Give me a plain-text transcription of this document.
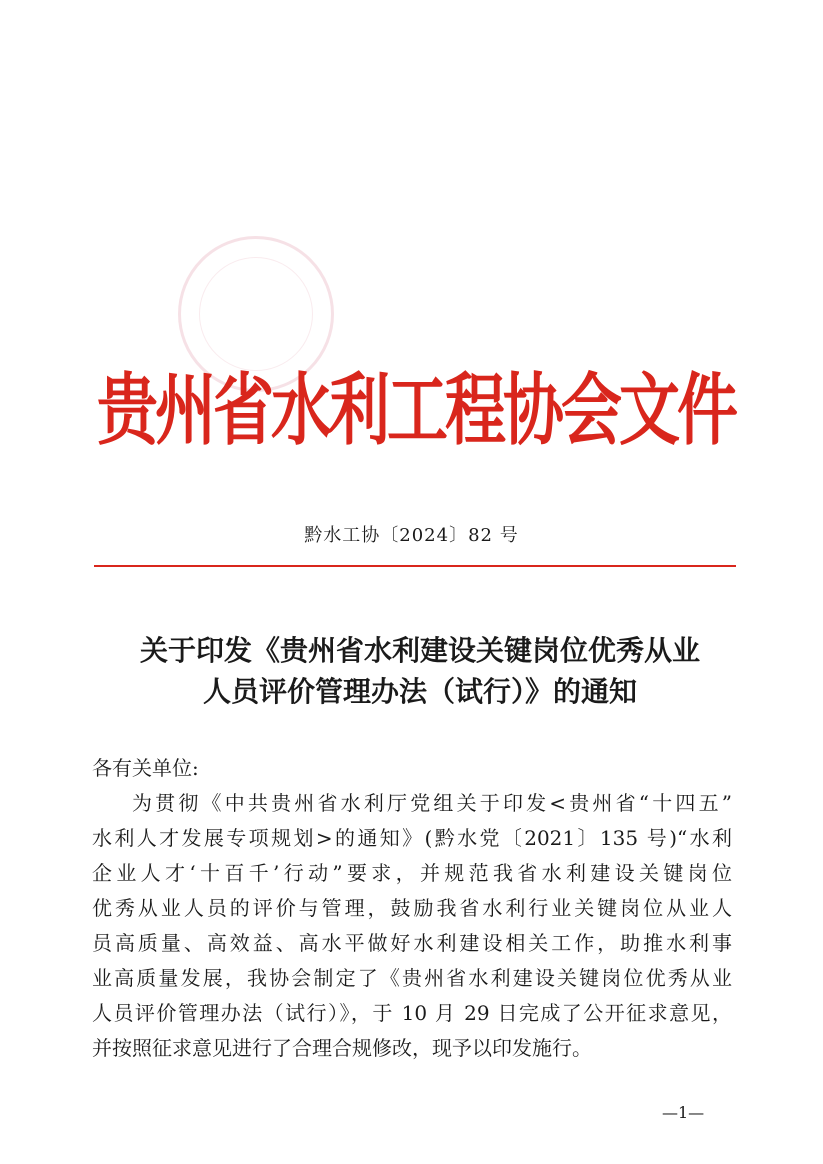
贵州省水利工程协会文件
黔水工协〔2024〕82 号
关于印发《贵州省水利建设关键岗位优秀从业
人员评价管理办法（试行）》的通知
各有关单位:
为贯彻《中共贵州省水利厅党组关于印发<贵州省“十四五”
水利人才发展专项规划>的通知》(黔水党〔2021〕135 号)“水利
企业人才‘十百千’行动”要求，并规范我省水利建设关键岗位
优秀从业人员的评价与管理，鼓励我省水利行业关键岗位从业人
员高质量、高效益、高水平做好水利建设相关工作，助推水利事
业高质量发展，我协会制定了《贵州省水利建设关键岗位优秀从业
人员评价管理办法（试行）》，于 10 月 29 日完成了公开征求意见，
并按照征求意见进行了合理合规修改，现予以印发施行。
—1—
